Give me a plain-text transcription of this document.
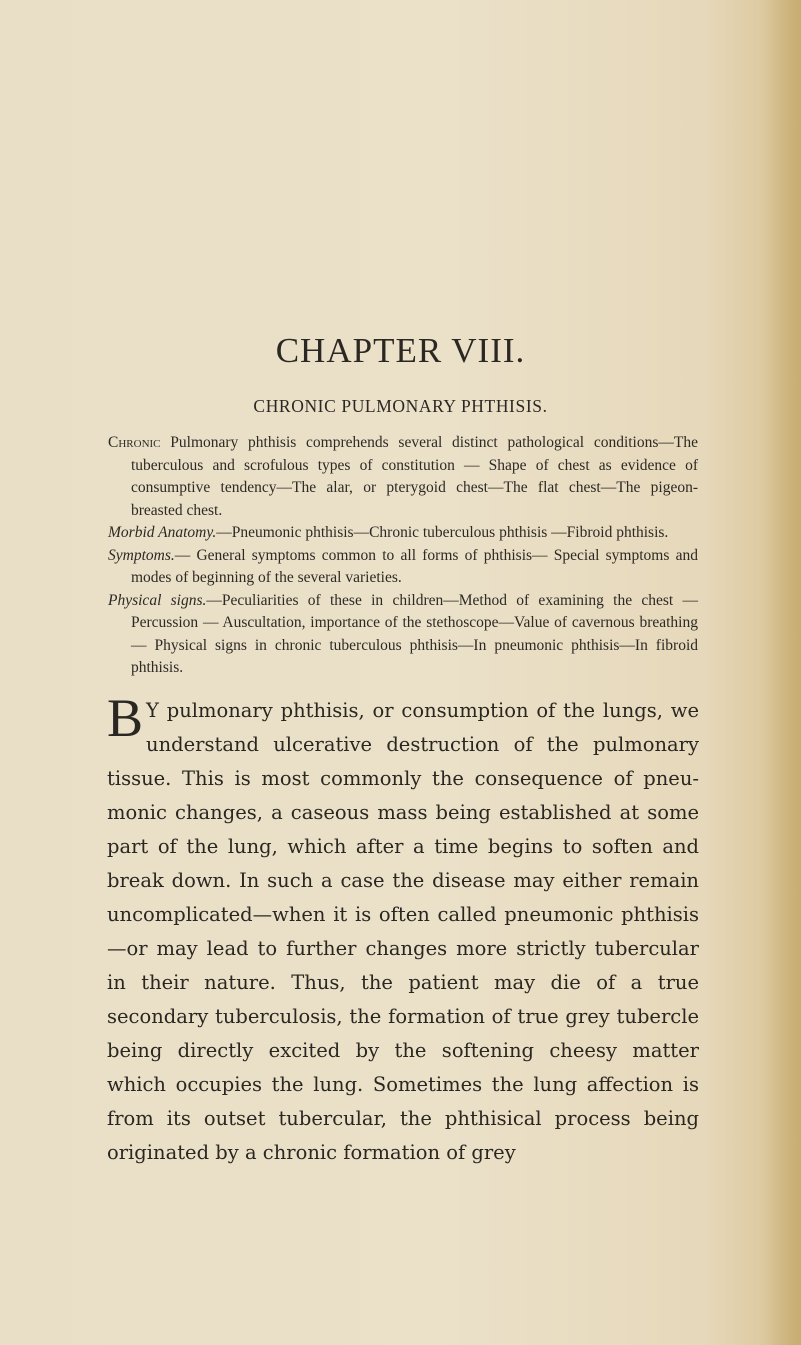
CHAPTER VIII.
CHRONIC PULMONARY PHTHISIS.

Chronic Pulmonary phthisis comprehends several distinct pathological conditions—The tuberculous and scrofulous types of constitution — Shape of chest as evidence of consumptive tendency—The alar, or pterygoid chest—The flat chest—The pigeon-breasted chest.

Morbid Anatomy.—Pneumonic phthisis—Chronic tuberculous phthisis —Fibroid phthisis.

Symptoms.— General symptoms common to all forms of phthisis— Special symptoms and modes of beginning of the several varieties.

Physical signs.—Peculiarities of these in children—Method of examining the chest — Percussion — Auscultation, importance of the stethoscope—Value of cavernous breathing — Physical signs in chronic tuberculous phthisis—In pneumonic phthisis—In fibroid phthisis.

B Y pulmonary phthisis, or consumption of the lungs, we understand ulcerative destruction of the pulmonary tissue. This is most commonly the consequence of pneumonic changes, a caseous mass being established at some part of the lung, which after a time begins to soften and break down. In such a case the disease may either remain uncomplicated—when it is often called pneumonic phthisis—or may lead to further changes more strictly tubercular in their nature. Thus, the patient may die of a true secondary tuberculosis, the formation of true grey tubercle being directly excited by the softening cheesy matter which occupies the lung. Sometimes the lung affection is from its outset tubercular, the phthisical process being originated by a chronic formation of grey
